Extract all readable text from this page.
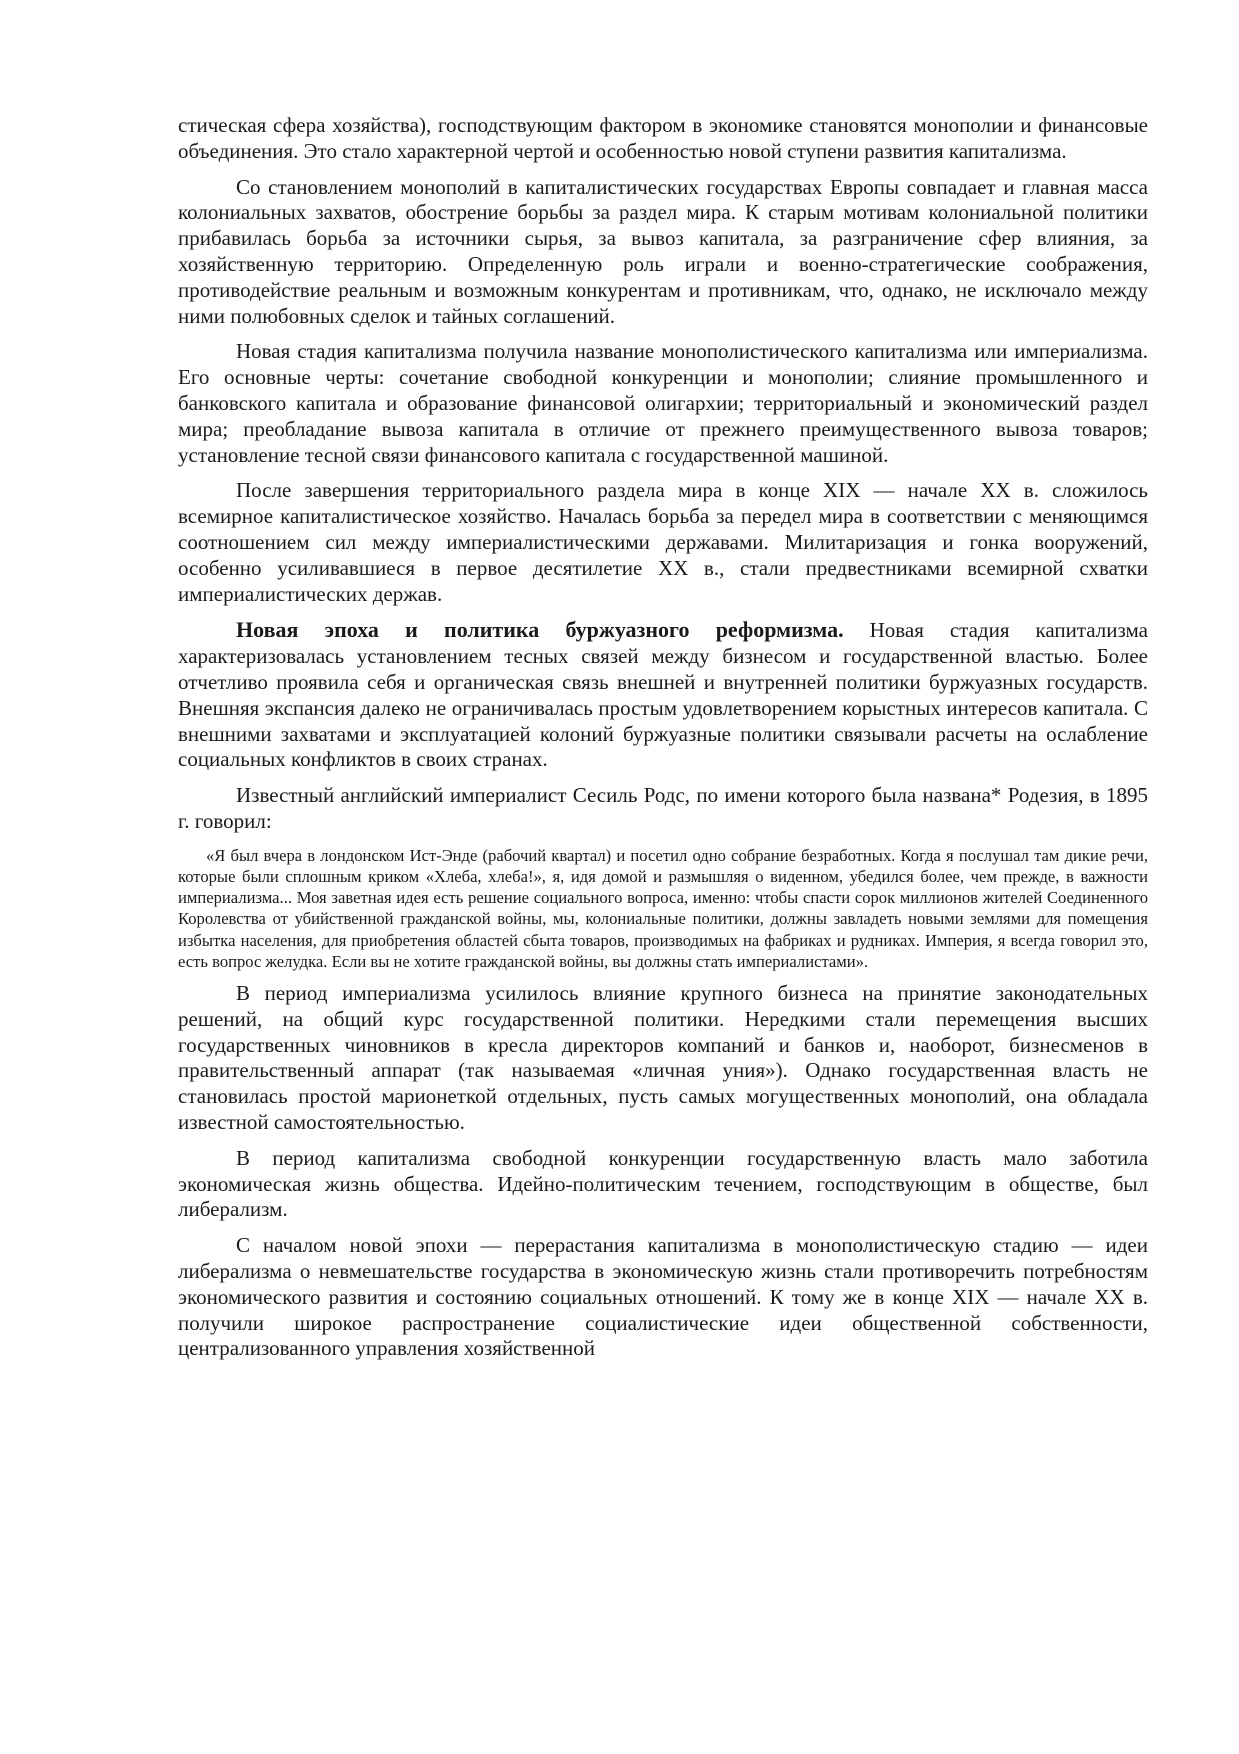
стическая сфера хозяйства), господствующим фактором в экономике становятся монополии и финансовые объединения. Это стало характерной чертой и особенностью новой ступени развития капитализма.

Со становлением монополий в капиталистических государствах Европы совпадает и главная масса колониальных захватов, обострение борьбы за раздел мира. К старым мотивам колониальной политики прибавилась борьба за источники сырья, за вывоз капитала, за разграничение сфер влияния, за хозяйственную территорию. Определенную роль играли и военно-стратегические соображения, противодействие реальным и возможным конкурентам и противникам, что, однако, не исключало между ними полюбовных сделок и тайных соглашений.

Новая стадия капитализма получила название монополистического капитализма или империализма. Его основные черты: сочетание свободной конкуренции и монополии; слияние промышленного и банковского капитала и образование финансовой олигархии; территориальный и экономический раздел мира; преобладание вывоза капитала в отличие от прежнего преимущественного вывоза товаров; установление тесной связи финансового капитала с государственной машиной.

После завершения территориального раздела мира в конце XIX — начале XX в. сложилось всемирное капиталистическое хозяйство. Началась борьба за передел мира в соответствии с меняющимся соотношением сил между империалистическими державами. Милитаризация и гонка вооружений, особенно усиливавшиеся в первое десятилетие XX в., стали предвестниками всемирной схватки империалистических держав.

Новая эпоха и политика буржуазного реформизма. Новая стадия капитализма характеризовалась установлением тесных связей между бизнесом и государственной властью. Более отчетливо проявила себя и органическая связь внешней и внутренней политики буржуазных государств. Внешняя экспансия далеко не ограничивалась простым удовлетворением корыстных интересов капитала. С внешними захватами и эксплуатацией колоний буржуазные политики связывали расчеты на ослабление социальных конфликтов в своих странах.

Известный английский империалист Сесиль Родс, по имени которого была названа* Родезия, в 1895 г. говорил:

«Я был вчера в лондонском Ист-Энде (рабочий квартал) и посетил одно собрание безработных. Когда я послушал там дикие речи, которые были сплошным криком «Хлеба, хлеба!», я, идя домой и размышляя о виденном, убедился более, чем прежде, в важности империализма... Моя заветная идея есть решение социального вопроса, именно: чтобы спасти сорок миллионов жителей Соединенного Королевства от убийственной гражданской войны, мы, колониальные политики, должны завладеть новыми землями для помещения избытка населения, для приобретения областей сбыта товаров, производимых на фабриках и рудниках. Империя, я всегда говорил это, есть вопрос желудка. Если вы не хотите гражданской войны, вы должны стать империалистами».

В период империализма усилилось влияние крупного бизнеса на принятие законодательных решений, на общий курс государственной политики. Нередкими стали перемещения высших государственных чиновников в кресла директоров компаний и банков и, наоборот, бизнесменов в правительственный аппарат (так называемая «личная уния»). Однако государственная власть не становилась простой марионеткой отдельных, пусть самых могущественных монополий, она обладала известной самостоятельностью.

В период капитализма свободной конкуренции государственную власть мало заботила экономическая жизнь общества. Идейно-политическим течением, господствующим в обществе, был либерализм.

С началом новой эпохи — перерастания капитализма в монополистическую стадию — идеи либерализма о невмешательстве государства в экономическую жизнь стали противоречить потребностям экономического развития и состоянию социальных отношений. К тому же в конце XIX — начале XX в. получили широкое распространение социалистические идеи общественной собственности, централизованного управления хозяйственной
